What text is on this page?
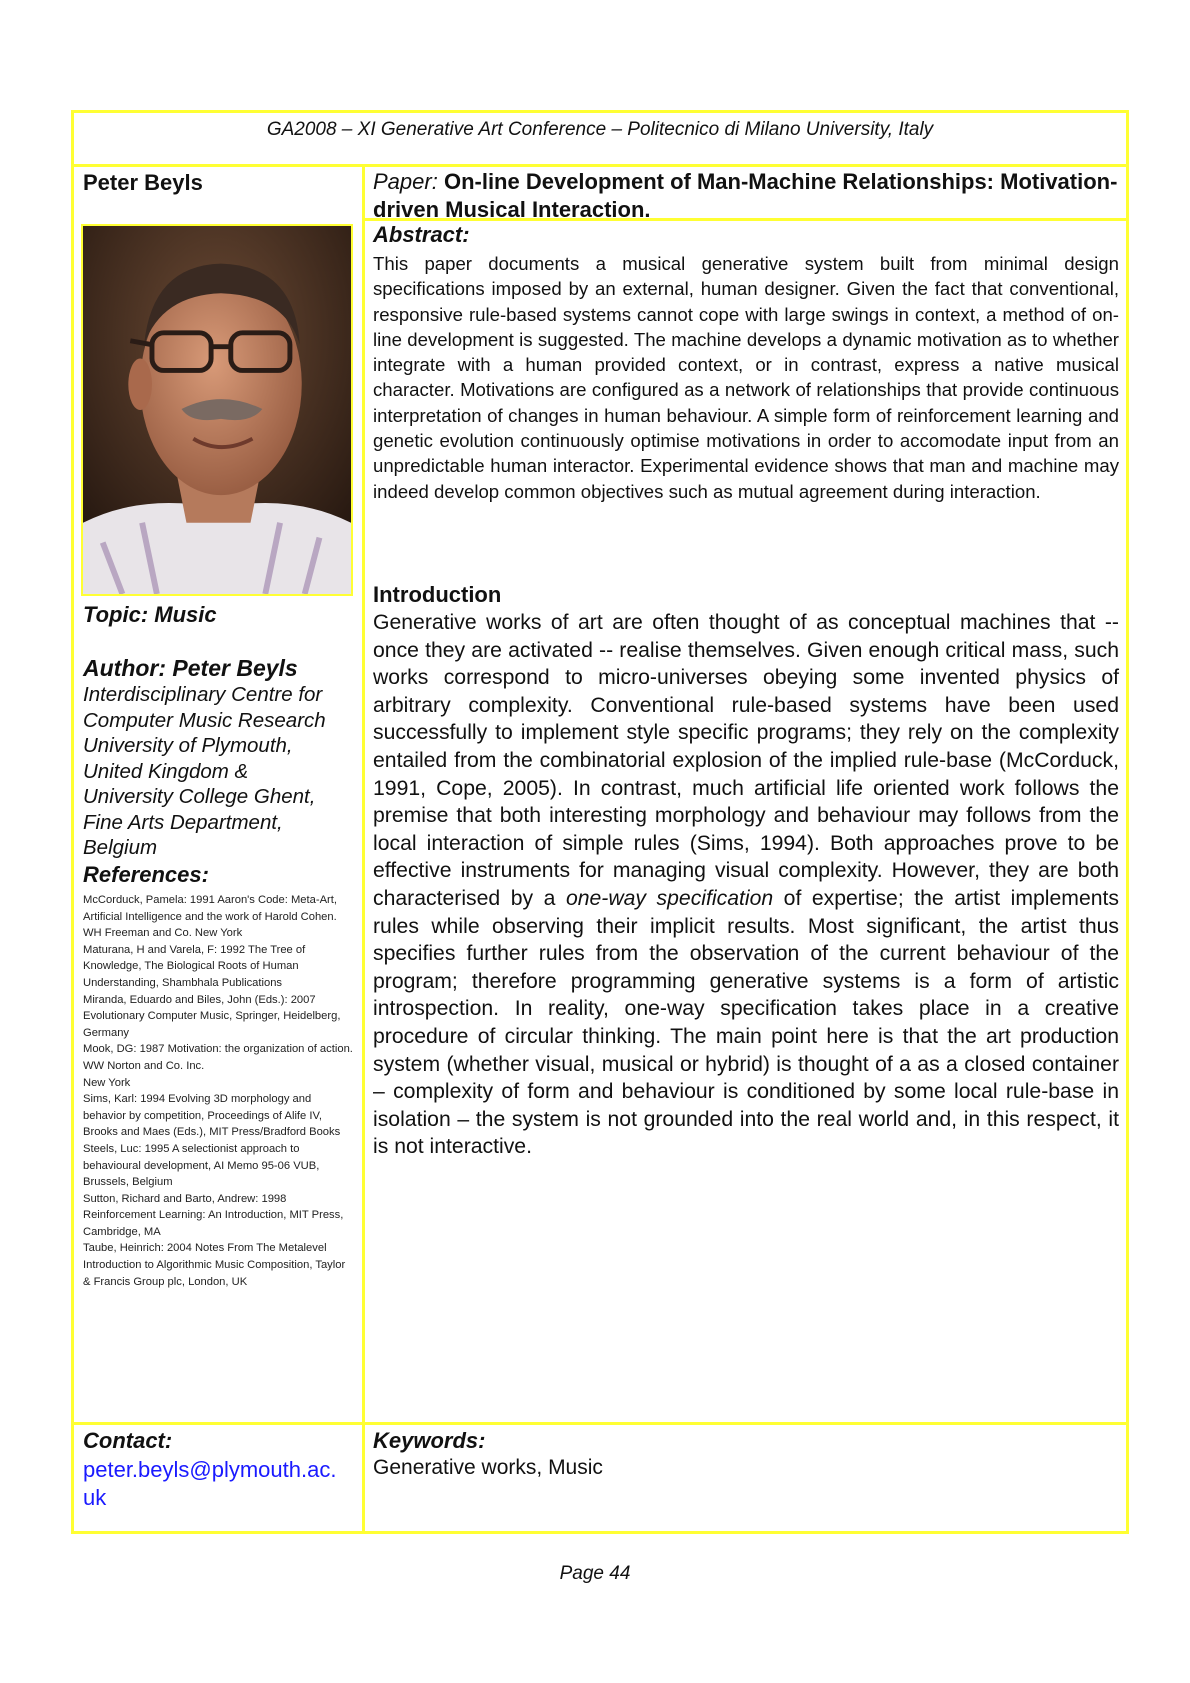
GA2008 – XI Generative Art Conference – Politecnico di Milano University, Italy
Peter Beyls
Topic: Music
Author: Peter Beyls
Interdisciplinary Centre for
Computer Music Research
University of Plymouth,
United Kingdom &
University College Ghent,
Fine Arts Department,
Belgium
References:

McCorduck, Pamela: 1991 Aaron's Code: Meta-Art, Artificial Intelligence and the work of Harold Cohen. WH Freeman and Co. New York

Maturana, H and Varela, F: 1992 The Tree of Knowledge, The Biological Roots of Human Understanding, Shambhala Publications

Miranda, Eduardo and Biles, John (Eds.): 2007 Evolutionary Computer Music, Springer, Heidelberg, Germany

Mook, DG: 1987 Motivation: the organization of action. WW Norton and Co. Inc.

New York

Sims, Karl: 1994 Evolving 3D morphology and behavior by competition, Proceedings of Alife IV, Brooks and Maes (Eds.), MIT Press/Bradford Books

Steels, Luc: 1995 A selectionist approach to behavioural development, AI Memo 95-06 VUB, Brussels, Belgium

Sutton, Richard and Barto, Andrew: 1998 Reinforcement Learning: An Introduction, MIT Press, Cambridge, MA

Taube, Heinrich: 2004 Notes From The Metalevel Introduction to Algorithmic Music Composition, Taylor & Francis Group plc, London, UK

Paper: On-line Development of Man-Machine Relationships: Motivation-driven Musical Interaction.
Abstract:
This paper documents a musical generative system built from minimal design specifications imposed by an external, human designer. Given the fact that conventional, responsive rule-based systems cannot cope with large swings in context, a method of on-line development is suggested. The machine develops a dynamic motivation as to whether integrate with a human provided context, or in contrast, express a native musical character. Motivations are configured as a network of relationships that provide continuous interpretation of changes in human behaviour. A simple form of reinforcement learning and genetic evolution continuously optimise motivations in order to accomodate input from an unpredictable human interactor. Experimental evidence shows that man and machine may indeed develop common objectives such as mutual agreement during interaction.
Introduction
Generative works of art are often thought of as conceptual machines that -- once they are activated -- realise themselves. Given enough critical mass, such works correspond to micro-universes obeying some invented physics of arbitrary complexity. Conventional rule-based systems have been used successfully to implement style specific programs; they rely on the complexity entailed from the combinatorial explosion of the implied rule-base (McCorduck, 1991, Cope, 2005). In contrast, much artificial life oriented work follows the premise that both interesting morphology and behaviour may follows from the local interaction of simple rules (Sims, 1994). Both approaches prove to be effective instruments for managing visual complexity. However, they are both characterised by a one-way specification of expertise; the artist implements rules while observing their implicit results. Most significant, the artist thus specifies further rules from the observation of the current behaviour of the program; therefore programming generative systems is a form of artistic introspection. In reality, one-way specification takes place in a creative procedure of circular thinking. The main point here is that the art production system (whether visual, musical or hybrid) is thought of a as a closed container – complexity of form and behaviour is conditioned by some local rule-base in isolation – the system is not grounded into the real world and, in this respect, it is not interactive.
Contact:
peter.beyls@plymouth.ac.uk
Keywords:
Generative works, Music
Page 44
